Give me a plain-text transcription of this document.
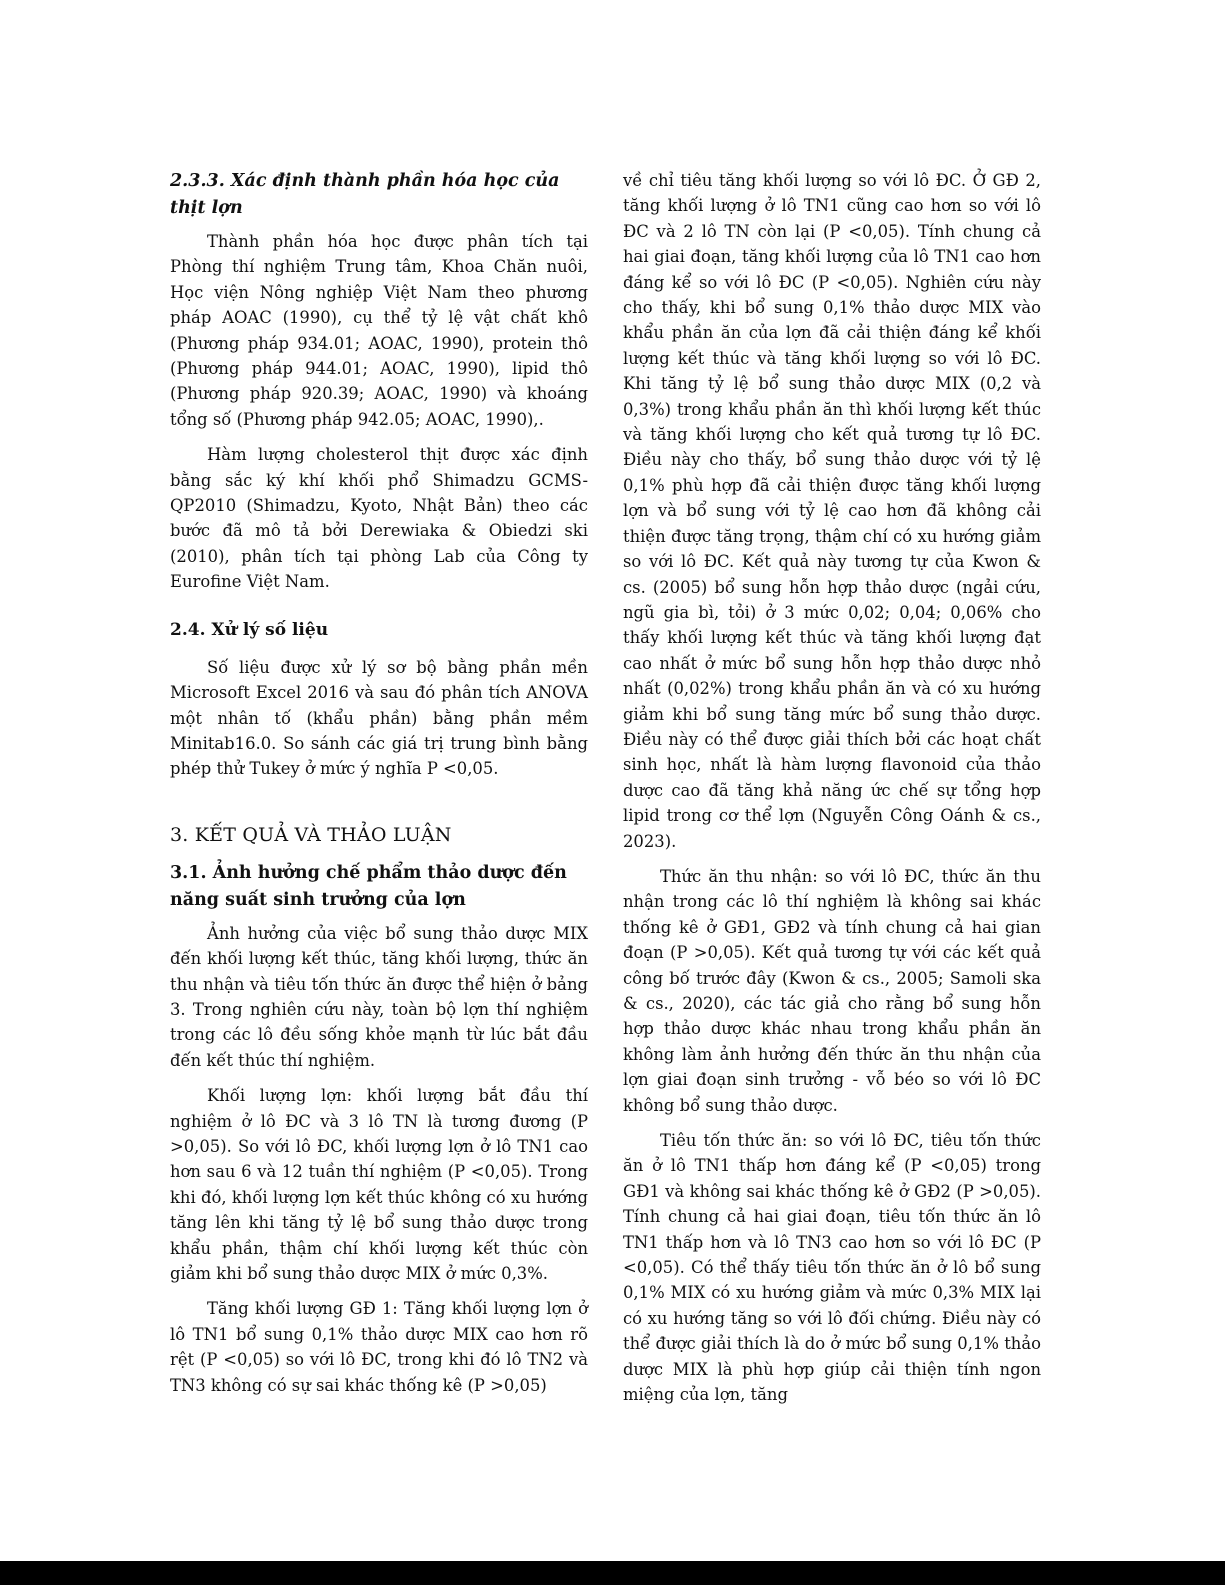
2.3.3. Xác định thành phần hóa học của thịt lợn

Thành phần hóa học được phân tích tại Phòng thí nghiệm Trung tâm, Khoa Chăn nuôi, Học viện Nông nghiệp Việt Nam theo phương pháp AOAC (1990), cụ thể tỷ lệ vật chất khô (Phương pháp 934.01; AOAC, 1990), protein thô (Phương pháp 944.01; AOAC, 1990), lipid thô (Phương pháp 920.39; AOAC, 1990) và khoáng tổng số (Phương pháp 942.05; AOAC, 1990),.

Hàm lượng cholesterol thịt được xác định bằng sắc ký khí khối phổ Shimadzu GCMS-QP2010 (Shimadzu, Kyoto, Nhật Bản) theo các bước đã mô tả bởi Derewiaka & Obiedzi ski (2010), phân tích tại phòng Lab của Công ty Eurofine Việt Nam.

2.4. Xử lý số liệu

Số liệu được xử lý sơ bộ bằng phần mền Microsoft Excel 2016 và sau đó phân tích ANOVA một nhân tố (khẩu phần) bằng phần mềm Minitab16.0. So sánh các giá trị trung bình bằng phép thử Tukey ở mức ý nghĩa P <0,05.

3. KẾT QUẢ VÀ THẢO LUẬN
3.1. Ảnh hưởng chế phẩm thảo dược đến năng suất sinh trưởng của lợn

Ảnh hưởng của việc bổ sung thảo dược MIX đến khối lượng kết thúc, tăng khối lượng, thức ăn thu nhận và tiêu tốn thức ăn được thể hiện ở bảng 3. Trong nghiên cứu này, toàn bộ lợn thí nghiệm trong các lô đều sống khỏe mạnh từ lúc bắt đầu đến kết thúc thí nghiệm.

Khối lượng lợn: khối lượng bắt đầu thí nghiệm ở lô ĐC và 3 lô TN là tương đương (P >0,05). So với lô ĐC, khối lượng lợn ở lô TN1 cao hơn sau 6 và 12 tuần thí nghiệm (P <0,05). Trong khi đó, khối lượng lợn kết thúc không có xu hướng tăng lên khi tăng tỷ lệ bổ sung thảo dược trong khẩu phần, thậm chí khối lượng kết thúc còn giảm khi bổ sung thảo dược MIX ở mức 0,3%.

Tăng khối lượng GĐ 1: Tăng khối lượng lợn ở lô TN1 bổ sung 0,1% thảo dược MIX cao hơn rõ rệt (P <0,05) so với lô ĐC, trong khi đó lô TN2 và TN3 không có sự sai khác thống kê (P >0,05)

về chỉ tiêu tăng khối lượng so với lô ĐC. Ở GĐ 2, tăng khối lượng ở lô TN1 cũng cao hơn so với lô ĐC và 2 lô TN còn lại (P <0,05). Tính chung cả hai giai đoạn, tăng khối lượng của lô TN1 cao hơn đáng kể so với lô ĐC (P <0,05). Nghiên cứu này cho thấy, khi bổ sung 0,1% thảo dược MIX vào khẩu phần ăn của lợn đã cải thiện đáng kể khối lượng kết thúc và tăng khối lượng so với lô ĐC. Khi tăng tỷ lệ bổ sung thảo dược MIX (0,2 và 0,3%) trong khẩu phần ăn thì khối lượng kết thúc và tăng khối lượng cho kết quả tương tự lô ĐC. Điều này cho thấy, bổ sung thảo dược với tỷ lệ 0,1% phù hợp đã cải thiện được tăng khối lượng lợn và bổ sung với tỷ lệ cao hơn đã không cải thiện được tăng trọng, thậm chí có xu hướng giảm so với lô ĐC. Kết quả này tương tự của Kwon & cs. (2005) bổ sung hỗn hợp thảo dược (ngải cứu, ngũ gia bì, tỏi) ở 3 mức 0,02; 0,04; 0,06% cho thấy khối lượng kết thúc và tăng khối lượng đạt cao nhất ở mức bổ sung hỗn hợp thảo dược nhỏ nhất (0,02%) trong khẩu phần ăn và có xu hướng giảm khi bổ sung tăng mức bổ sung thảo dược. Điều này có thể được giải thích bởi các hoạt chất sinh học, nhất là hàm lượng flavonoid của thảo dược cao đã tăng khả năng ức chế sự tổng hợp lipid trong cơ thể lợn (Nguyễn Công Oánh & cs., 2023).

Thức ăn thu nhận: so với lô ĐC, thức ăn thu nhận trong các lô thí nghiệm là không sai khác thống kê ở GĐ1, GĐ2 và tính chung cả hai gian đoạn (P >0,05). Kết quả tương tự với các kết quả công bố trước đây (Kwon & cs., 2005; Samoli ska & cs., 2020), các tác giả cho rằng bổ sung hỗn hợp thảo dược khác nhau trong khẩu phần ăn không làm ảnh hưởng đến thức ăn thu nhận của lợn giai đoạn sinh trưởng - vỗ béo so với lô ĐC không bổ sung thảo dược.

Tiêu tốn thức ăn: so với lô ĐC, tiêu tốn thức ăn ở lô TN1 thấp hơn đáng kể (P <0,05) trong GĐ1 và không sai khác thống kê ở GĐ2 (P >0,05). Tính chung cả hai giai đoạn, tiêu tốn thức ăn lô TN1 thấp hơn và lô TN3 cao hơn so với lô ĐC (P <0,05). Có thể thấy tiêu tốn thức ăn ở lô bổ sung 0,1% MIX có xu hướng giảm và mức 0,3% MIX lại có xu hướng tăng so với lô đối chứng. Điều này có thể được giải thích là do ở mức bổ sung 0,1% thảo dược MIX là phù hợp giúp cải thiện tính ngon miệng của lợn, tăng
